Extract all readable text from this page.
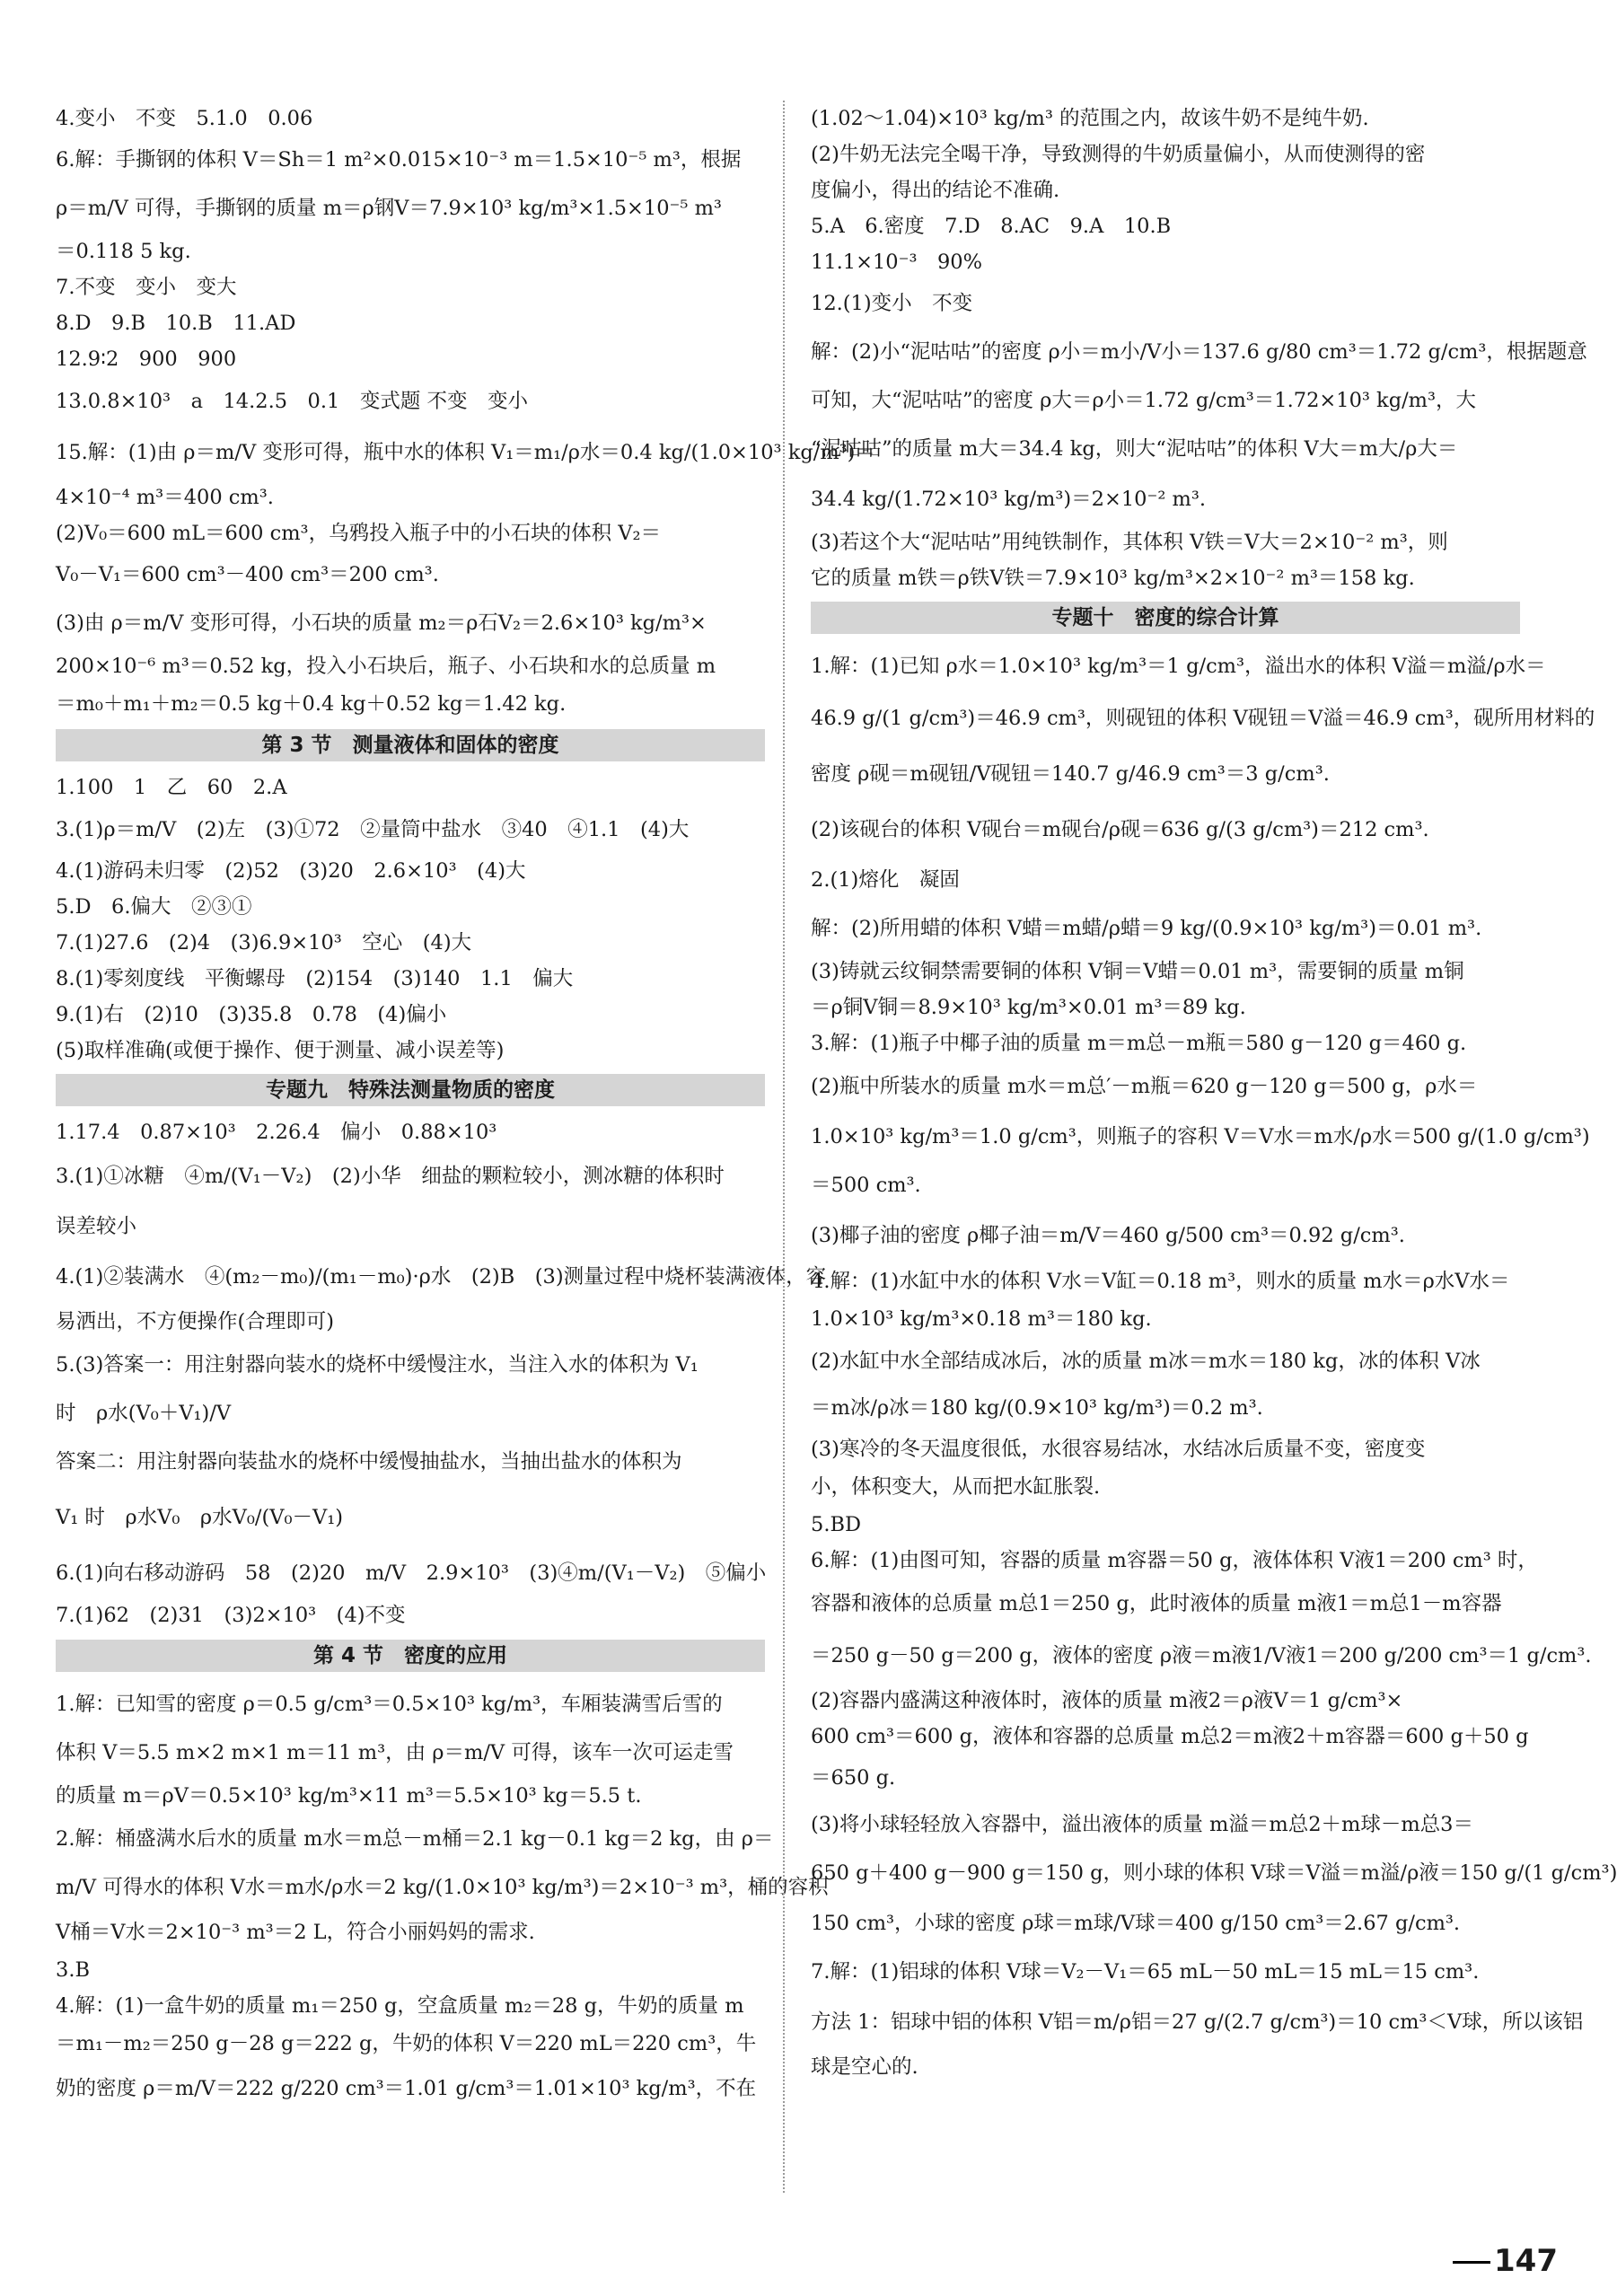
4.变小　不变　5.1.0　0.06
6.解：手撕钢的体积 V＝Sh＝1 m²×0.015×10⁻³ m＝1.5×10⁻⁵ m³，根据
ρ＝m/V 可得，手撕钢的质量 m＝ρ钢V＝7.9×10³ kg/m³×1.5×10⁻⁵ m³
＝0.118 5 kg.
7.不变　变小　变大
8.D　9.B　10.B　11.AD
12.9∶2　900　900
13.0.8×10³　a　14.2.5　0.1　变式题 不变　变小
15.解：(1)由 ρ＝m/V 变形可得，瓶中水的体积 V₁＝m₁/ρ水＝0.4 kg/(1.0×10³ kg/m³)＝
4×10⁻⁴ m³＝400 cm³.
(2)V₀＝600 mL＝600 cm³，乌鸦投入瓶子中的小石块的体积 V₂＝
V₀－V₁＝600 cm³－400 cm³＝200 cm³.
(3)由 ρ＝m/V 变形可得，小石块的质量 m₂＝ρ石V₂＝2.6×10³ kg/m³×
200×10⁻⁶ m³＝0.52 kg，投入小石块后，瓶子、小石块和水的总质量 m
＝m₀＋m₁＋m₂＝0.5 kg＋0.4 kg＋0.52 kg＝1.42 kg.
第 3 节　测量液体和固体的密度
1.100　1　乙　60　2.A
3.(1)ρ＝m/V　(2)左　(3)①72　②量筒中盐水　③40　④1.1　(4)大
4.(1)游码未归零　(2)52　(3)20　2.6×10³　(4)大
5.D　6.偏大　②③①
7.(1)27.6　(2)4　(3)6.9×10³　空心　(4)大
8.(1)零刻度线　平衡螺母　(2)154　(3)140　1.1　偏大
9.(1)右　(2)10　(3)35.8　0.78　(4)偏小
(5)取样准确(或便于操作、便于测量、减小误差等)
专题九　特殊法测量物质的密度
1.17.4　0.87×10³　2.26.4　偏小　0.88×10³
3.(1)①冰糖　④m/(V₁－V₂)　(2)小华　细盐的颗粒较小，测冰糖的体积时
误差较小
4.(1)②装满水　④(m₂－m₀)/(m₁－m₀)·ρ水　(2)B　(3)测量过程中烧杯装满液体，容
易洒出，不方便操作(合理即可)
5.(3)答案一：用注射器向装水的烧杯中缓慢注水，当注入水的体积为 V₁
时　ρ水(V₀＋V₁)/V
答案二：用注射器向装盐水的烧杯中缓慢抽盐水，当抽出盐水的体积为
V₁ 时　ρ水V₀　ρ水V₀/(V₀－V₁)
6.(1)向右移动游码　58　(2)20　m/V　2.9×10³　(3)④m/(V₁－V₂)　⑤偏小
7.(1)62　(2)31　(3)2×10³　(4)不变
第 4 节　密度的应用
1.解：已知雪的密度 ρ＝0.5 g/cm³＝0.5×10³ kg/m³，车厢装满雪后雪的
体积 V＝5.5 m×2 m×1 m＝11 m³，由 ρ＝m/V 可得，该车一次可运走雪
的质量 m＝ρV＝0.5×10³ kg/m³×11 m³＝5.5×10³ kg＝5.5 t.
2.解：桶盛满水后水的质量 m水＝m总－m桶＝2.1 kg－0.1 kg＝2 kg，由 ρ＝
m/V 可得水的体积 V水＝m水/ρ水＝2 kg/(1.0×10³ kg/m³)＝2×10⁻³ m³，桶的容积
V桶＝V水＝2×10⁻³ m³＝2 L，符合小丽妈妈的需求.
3.B
4.解：(1)一盒牛奶的质量 m₁＝250 g，空盒质量 m₂＝28 g，牛奶的质量 m
＝m₁－m₂＝250 g－28 g＝222 g，牛奶的体积 V＝220 mL＝220 cm³，牛
奶的密度 ρ＝m/V＝222 g/220 cm³＝1.01 g/cm³＝1.01×10³ kg/m³，不在
(1.02～1.04)×10³ kg/m³ 的范围之内，故该牛奶不是纯牛奶.
(2)牛奶无法完全喝干净，导致测得的牛奶质量偏小，从而使测得的密
度偏小，得出的结论不准确.
5.A　6.密度　7.D　8.AC　9.A　10.B
11.1×10⁻³　90%
12.(1)变小　不变
解：(2)小“泥咕咕”的密度 ρ小＝m小/V小＝137.6 g/80 cm³＝1.72 g/cm³，根据题意
可知，大“泥咕咕”的密度 ρ大＝ρ小＝1.72 g/cm³＝1.72×10³ kg/m³，大
“泥咕咕”的质量 m大＝34.4 kg，则大“泥咕咕”的体积 V大＝m大/ρ大＝
34.4 kg/(1.72×10³ kg/m³)＝2×10⁻² m³.
(3)若这个大“泥咕咕”用纯铁制作，其体积 V铁＝V大＝2×10⁻² m³，则
它的质量 m铁＝ρ铁V铁＝7.9×10³ kg/m³×2×10⁻² m³＝158 kg.
专题十　密度的综合计算
1.解：(1)已知 ρ水＝1.0×10³ kg/m³＝1 g/cm³，溢出水的体积 V溢＝m溢/ρ水＝
46.9 g/(1 g/cm³)＝46.9 cm³，则砚钮的体积 V砚钮＝V溢＝46.9 cm³，砚所用材料的
密度 ρ砚＝m砚钮/V砚钮＝140.7 g/46.9 cm³＝3 g/cm³.
(2)该砚台的体积 V砚台＝m砚台/ρ砚＝636 g/(3 g/cm³)＝212 cm³.
2.(1)熔化　凝固
解：(2)所用蜡的体积 V蜡＝m蜡/ρ蜡＝9 kg/(0.9×10³ kg/m³)＝0.01 m³.
(3)铸就云纹铜禁需要铜的体积 V铜＝V蜡＝0.01 m³，需要铜的质量 m铜
＝ρ铜V铜＝8.9×10³ kg/m³×0.01 m³＝89 kg.
3.解：(1)瓶子中椰子油的质量 m＝m总－m瓶＝580 g－120 g＝460 g.
(2)瓶中所装水的质量 m水＝m总′－m瓶＝620 g－120 g＝500 g，ρ水＝
1.0×10³ kg/m³＝1.0 g/cm³，则瓶子的容积 V＝V水＝m水/ρ水＝500 g/(1.0 g/cm³)
＝500 cm³.
(3)椰子油的密度 ρ椰子油＝m/V＝460 g/500 cm³＝0.92 g/cm³.
4.解：(1)水缸中水的体积 V水＝V缸＝0.18 m³，则水的质量 m水＝ρ水V水＝
1.0×10³ kg/m³×0.18 m³＝180 kg.
(2)水缸中水全部结成冰后，冰的质量 m冰＝m水＝180 kg，冰的体积 V冰
＝m冰/ρ冰＝180 kg/(0.9×10³ kg/m³)＝0.2 m³.
(3)寒冷的冬天温度很低，水很容易结冰，水结冰后质量不变，密度变
小，体积变大，从而把水缸胀裂.
5.BD
6.解：(1)由图可知，容器的质量 m容器＝50 g，液体体积 V液1＝200 cm³ 时，
容器和液体的总质量 m总1＝250 g，此时液体的质量 m液1＝m总1－m容器
＝250 g－50 g＝200 g，液体的密度 ρ液＝m液1/V液1＝200 g/200 cm³＝1 g/cm³.
(2)容器内盛满这种液体时，液体的质量 m液2＝ρ液V＝1 g/cm³×
600 cm³＝600 g，液体和容器的总质量 m总2＝m液2＋m容器＝600 g＋50 g
＝650 g.
(3)将小球轻轻放入容器中，溢出液体的质量 m溢＝m总2＋m球－m总3＝
650 g＋400 g－900 g＝150 g，则小球的体积 V球＝V溢＝m溢/ρ液＝150 g/(1 g/cm³)
150 cm³，小球的密度 ρ球＝m球/V球＝400 g/150 cm³＝2.67 g/cm³.
7.解：(1)铝球的体积 V球＝V₂－V₁＝65 mL－50 mL＝15 mL＝15 cm³.
方法 1：铝球中铝的体积 V铝＝m/ρ铝＝27 g/(2.7 g/cm³)＝10 cm³＜V球，所以该铝
球是空心的.
147
